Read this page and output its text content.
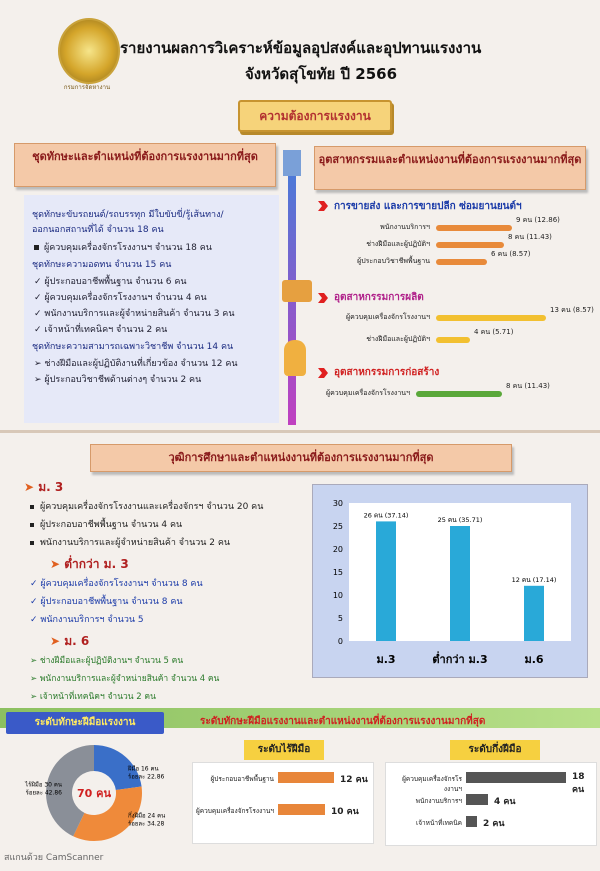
กรมการจัดหางาน
รายงานผลการวิเคราะห์ข้อมูลอุปสงค์และอุปทานแรงงาน
จังหวัดสุโขทัย ปี 2566
ความต้องการแรงงาน
ชุดทักษะและตำแหน่งที่ต้องการแรงงานมากที่สุด
ชุดทักษะขับรถยนต์/รถบรรทุก มีใบขับขี่/รู้เส้นทาง/
ออกนอกสถานที่ได้ จำนวน 18 คน
ผู้ควบคุมเครื่องจักรโรงงานฯ จำนวน 18 คน
ชุดทักษะความอดทน จำนวน 15 คน
✓ ผู้ประกอบอาชีพพื้นฐาน จำนวน 6 คน
✓ ผู้ควบคุมเครื่องจักรโรงงานฯ จำนวน 4 คน
✓ พนักงานบริการและผู้จำหน่ายสินค้า จำนวน 3 คน
✓ เจ้าหน้าที่เทคนิคฯ จำนวน 2 คน
ชุดทักษะความสามารถเฉพาะวิชาชีพ จำนวน 14 คน
➢ ช่างฝีมือและผู้ปฏิบัติงานที่เกี่ยวข้อง จำนวน 12 คน
➢ ผู้ประกอบวิชาชีพด้านต่างๆ จำนวน 2 คน
อุตสาหกรรมและตำแหน่งงานที่ต้องการแรงงานมากที่สุด
การขายส่ง และการขายปลีก ซ่อมยานยนต์ฯ
พนักงานบริการฯ
9 คน (12.86)
ช่างฝีมือและผู้ปฏิบัติฯ
8 คน (11.43)
ผู้ประกอบวิชาชีพพื้นฐาน
6 คน (8.57)
อุตสาหกรรมการผลิต
ผู้ควบคุมเครื่องจักรโรงงานฯ
13 คน (8.57)
ช่างฝีมือและผู้ปฏิบัติฯ
4 คน (5.71)
อุตสาหกรรมการก่อสร้าง
ผู้ควบคุมเครื่องจักรโรงงานฯ
8 คน (11.43)
วุฒิการศึกษาและตำแหน่งงานที่ต้องการแรงงานมากที่สุด
➤ ม. 3
ผู้ควบคุมเครื่องจักรโรงงานและเครื่องจักรฯ จำนวน 20 คน
ผู้ประกอบอาชีพพื้นฐาน จำนวน 4 คน
พนักงานบริการและผู้จำหน่ายสินค้า จำนวน 2 คน
➤ ต่ำกว่า ม. 3
✓ ผู้ควบคุมเครื่องจักรโรงงานฯ จำนวน 8 คน
✓ ผู้ประกอบอาชีพพื้นฐาน จำนวน 8 คน
✓ พนักงานบริการฯ จำนวน 5
➤ ม. 6
➢ ช่างฝีมือและผู้ปฏิบัติงานฯ จำนวน 5 คน
➢ พนักงานบริการและผู้จำหน่ายสินค้า จำนวน 4 คน
➢ เจ้าหน้าที่เทคนิคฯ จำนวน 2 คน
0
5
10
15
20
25
30
26 คน (37.14)
ม.3
25 คน (35.71)
ต่ำกว่า ม.3
12 คน (17.14)
ม.6
ระดับทักษะฝีมือแรงงาน	ระดับทักษะฝีมือแรงงานและตำแหน่งงานที่ต้องการแรงงานมากที่สุด
70 คน
ฝีมือ 16 คน
ร้อยละ 22.86
กึ่งฝีมือ 24 คน
ร้อยละ 34.28
ไร้ฝีมือ 30 คน
ร้อยละ 42.86
ระดับไร้ฝีมือ
ผู้ประกอบอาชีพพื้นฐาน	12 คน
ผู้ควบคุมเครื่องจักรโรงงานฯ	10 คน
ระดับกึ่งฝีมือ
ผู้ควบคุมเครื่องจักรโรงงานฯ
18 คน
พนักงานบริการฯ	4 คน
เจ้าหน้าที่เทคนิค 2 คน
สแกนด้วย CamScanner
